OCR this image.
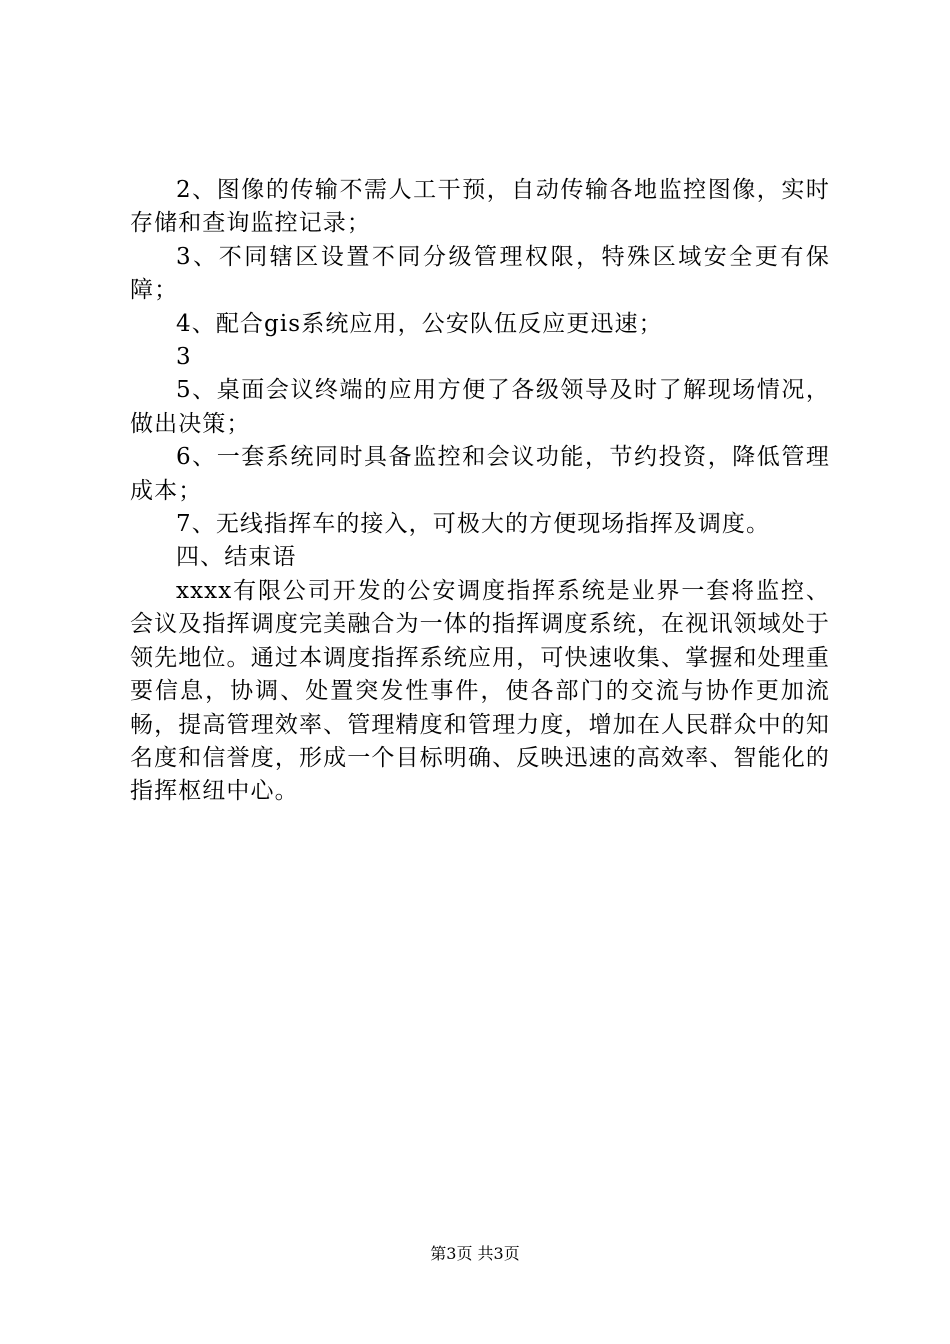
2、图像的传输不需人工干预，自动传输各地监控图像，实时存储和查询监控记录；

3、不同辖区设置不同分级管理权限，特殊区域安全更有保障；

4、配合gis系统应用，公安队伍反应更迅速；

3

5、桌面会议终端的应用方便了各级领导及时了解现场情况，做出决策；

6、一套系统同时具备监控和会议功能，节约投资，降低管理成本；

7、无线指挥车的接入，可极大的方便现场指挥及调度。

四、结束语

xxxx有限公司开发的公安调度指挥系统是业界一套将监控、会议及指挥调度完美融合为一体的指挥调度系统，在视讯领域处于领先地位。通过本调度指挥系统应用，可快速收集、掌握和处理重要信息，协调、处置突发性事件，使各部门的交流与协作更加流畅，提高管理效率、管理精度和管理力度，增加在人民群众中的知名度和信誉度，形成一个目标明确、反映迅速的高效率、智能化的指挥枢纽中心。

第3页 共3页
